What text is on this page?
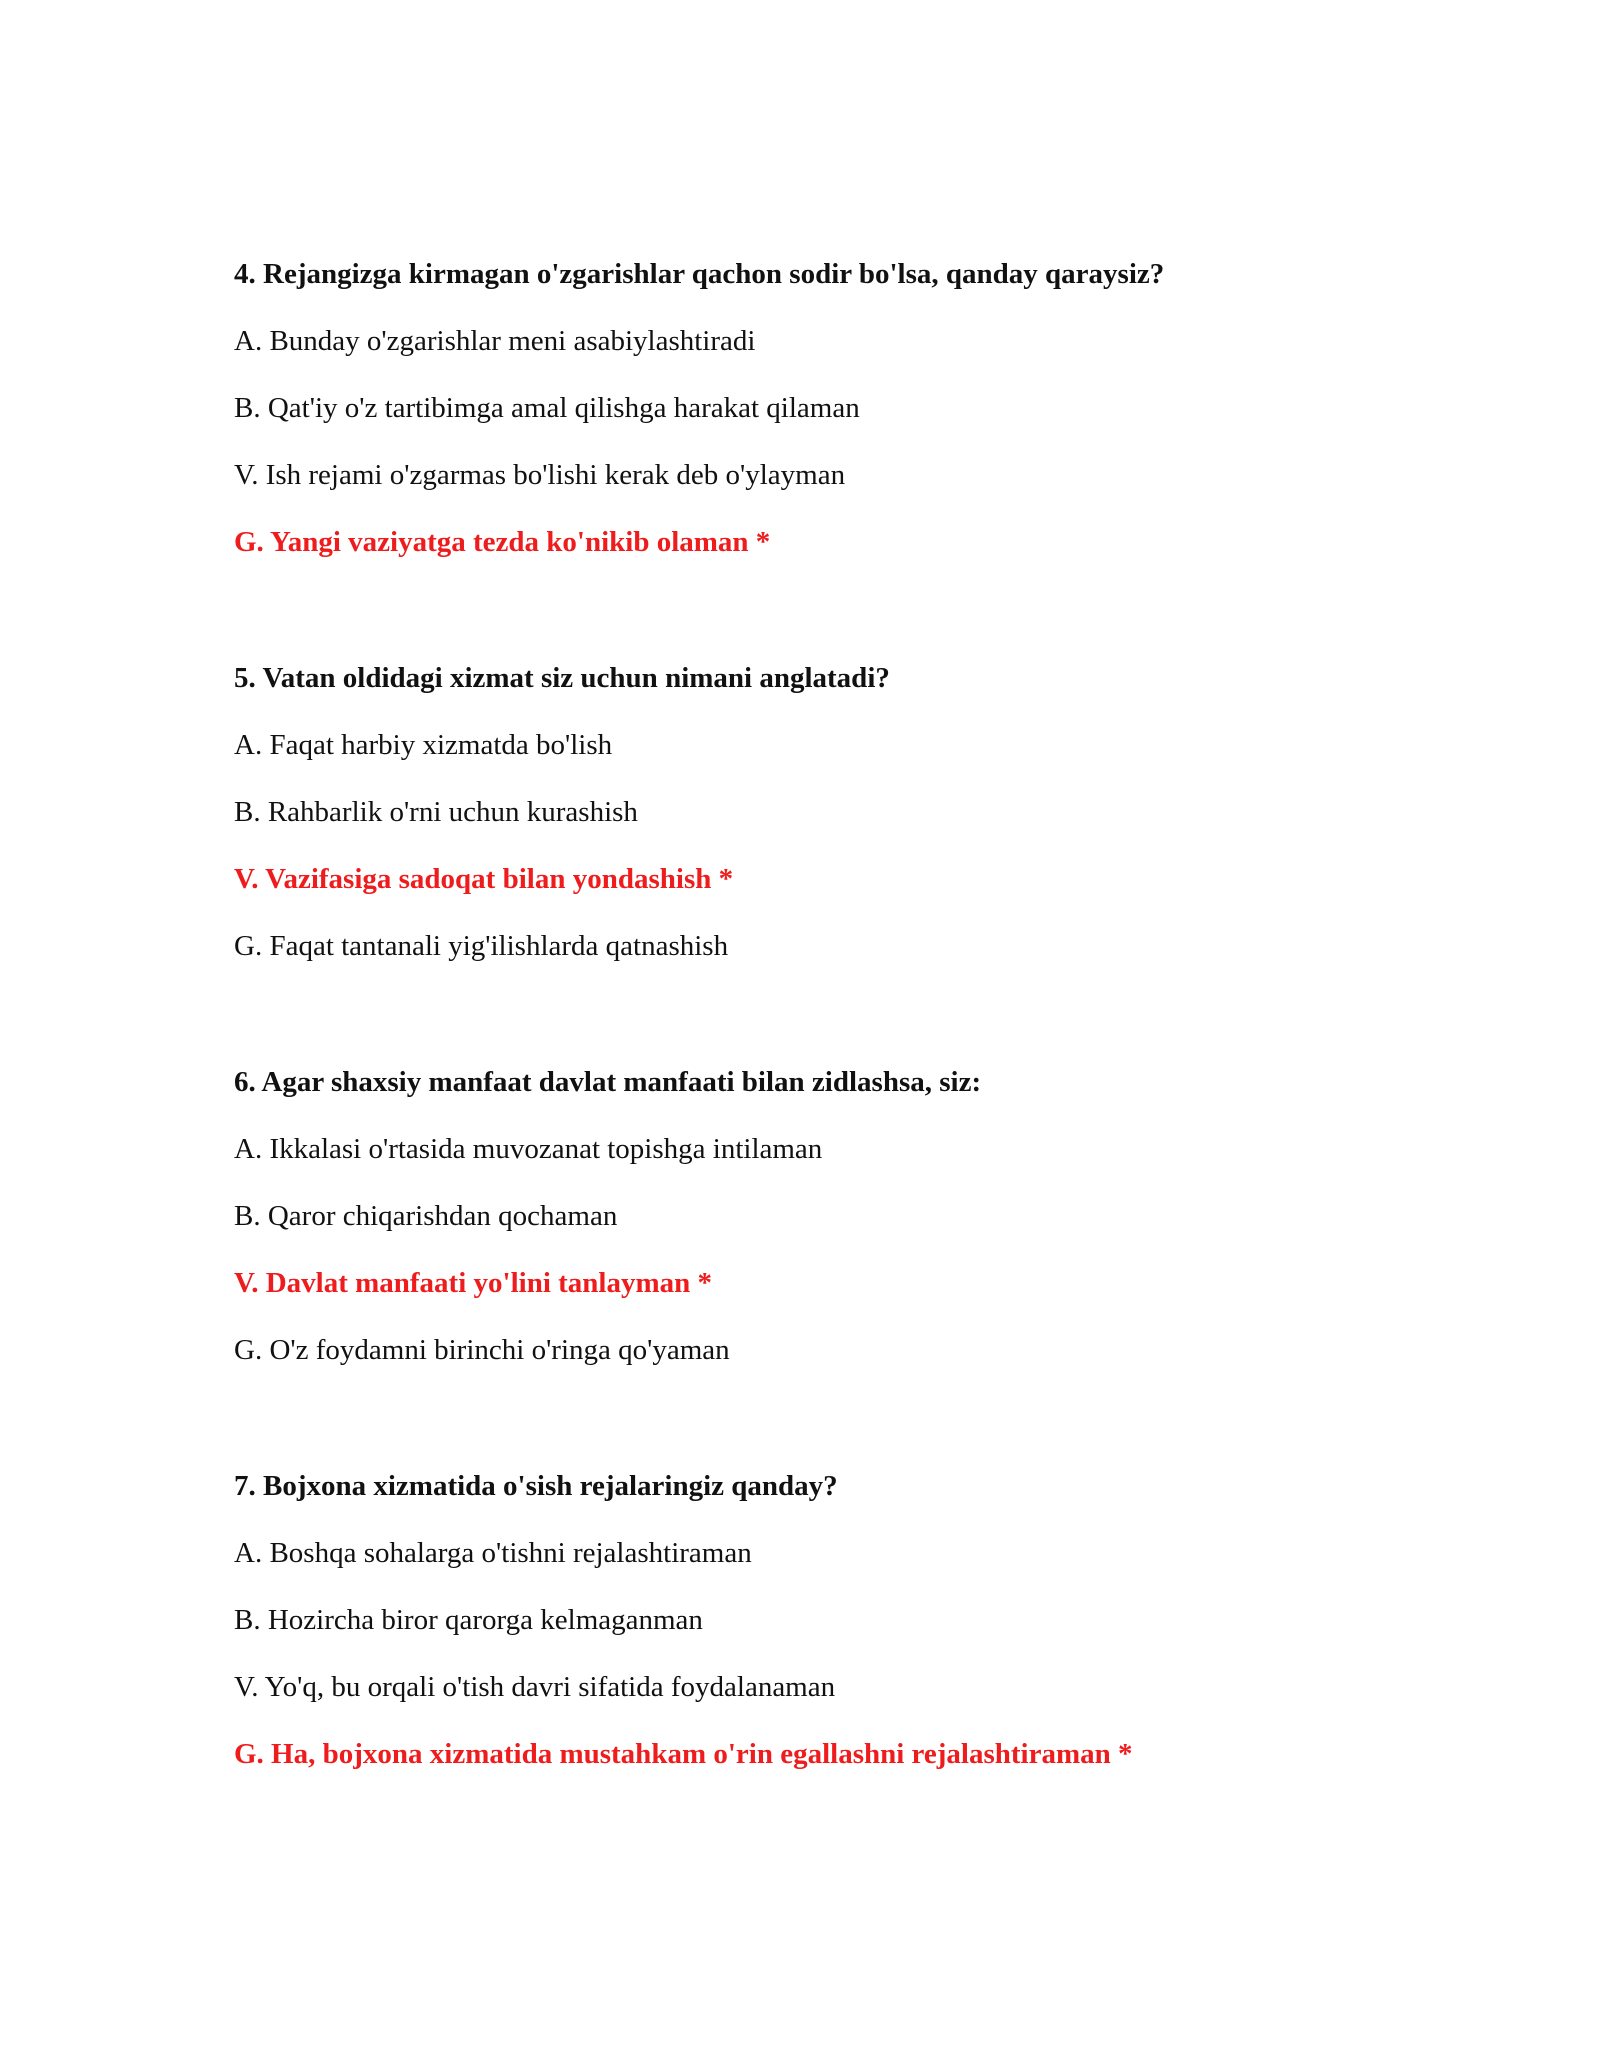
4. Rejangizga kirmagan o'zgarishlar qachon sodir bo'lsa, qanday qaraysiz?

A. Bunday o'zgarishlar meni asabiylashtiradi
B. Qat'iy o'z tartibimga amal qilishga harakat qilaman
V. Ish rejami o'zgarmas bo'lishi kerak deb o'ylayman
G. Yangi vaziyatga tezda ko'nikib olaman *

5. Vatan oldidagi xizmat siz uchun nimani anglatadi?

A. Faqat harbiy xizmatda bo'lish
B. Rahbarlik o'rni uchun kurashish
V. Vazifasiga sadoqat bilan yondashish *
G. Faqat tantanali yig'ilishlarda qatnashish

6. Agar shaxsiy manfaat davlat manfaati bilan zidlashsa, siz:

A. Ikkalasi o'rtasida muvozanat topishga intilaman
B. Qaror chiqarishdan qochaman
V. Davlat manfaati yo'lini tanlayman *
G. O'z foydamni birinchi o'ringa qo'yaman

7. Bojxona xizmatida o'sish rejalaringiz qanday?

A. Boshqa sohalarga o'tishni rejalashtiraman
B. Hozircha biror qarorga kelmaganman
V. Yo'q, bu orqali o'tish davri sifatida foydalanaman
G. Ha, bojxona xizmatida mustahkam o'rin egallashni rejalashtiraman *
